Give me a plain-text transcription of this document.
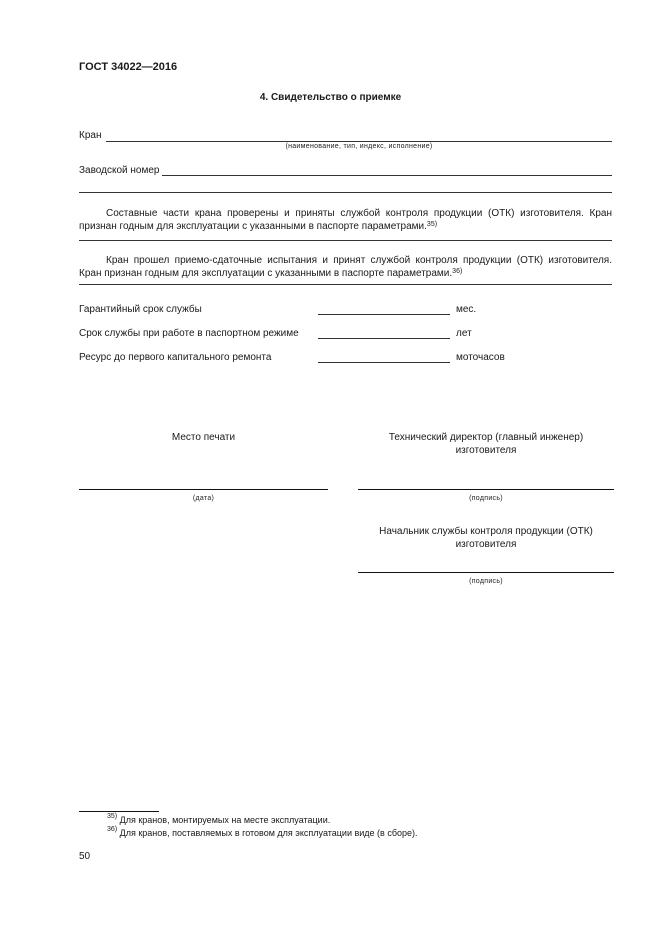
ГОСТ 34022—2016
4. Свидетельство о приемке
Кран
(наименование, тип, индекс, исполнение)
Заводской номер
Составные части крана проверены и приняты службой контроля продукции (ОТК) изготовителя. Кран признан годным для эксплуатации с указанными в паспорте параметрами.$^{35)}$
Кран прошел приемо-сдаточные испытания и принят службой контроля продукции (ОТК) изготовителя. Кран признан годным для эксплуатации с указанными в паспорте параметрами.$^{36)}$
Гарантийный срок службы	мес.
Срок службы при работе в паспортном режиме	лет
Ресурс до первого капитального ремонта	моточасов
Место печати	Технический директор (главный инженер)
изготовителя
(дата)	(подпись)
Начальник службы контроля продукции (ОТК)
изготовителя
(подпись)
$^{35)}$ Для кранов, монтируемых на месте эксплуатации.
$^{36)}$ Для кранов, поставляемых в готовом для эксплуатации виде (в сборе).
50
